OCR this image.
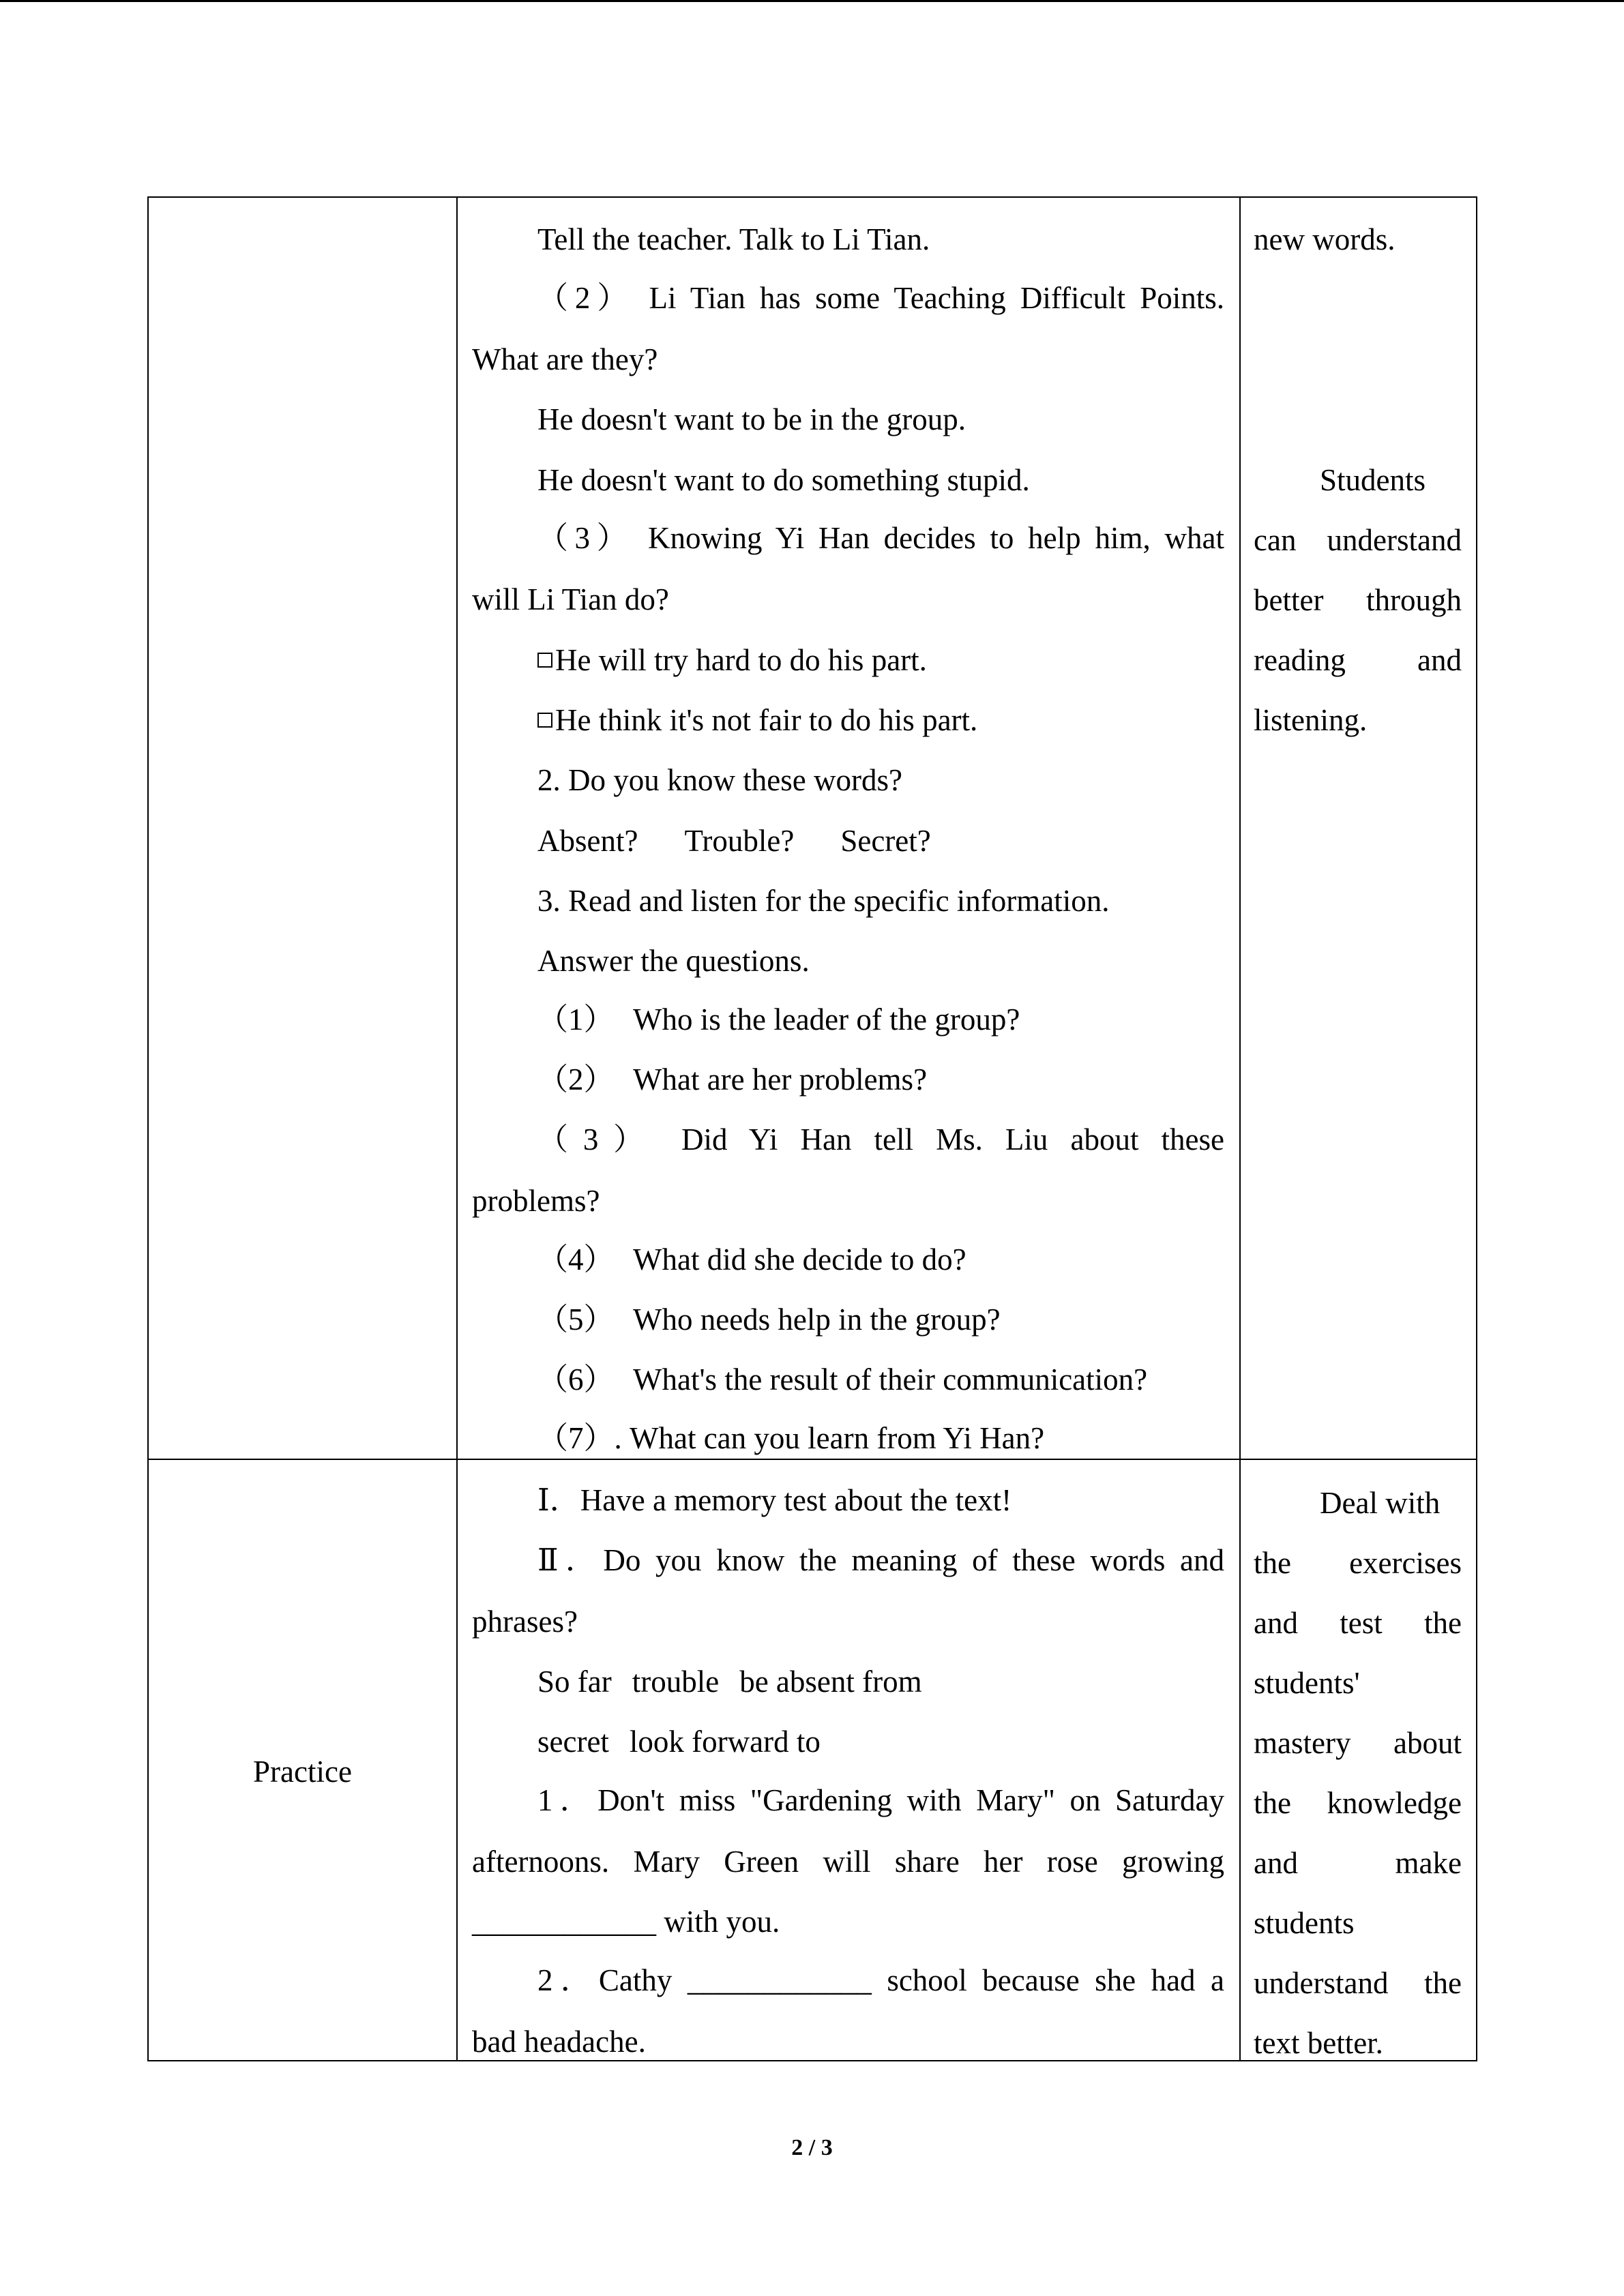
Tell the teacher. Talk to Li Tian.
（2） Li Tian has some Teaching Difficult Points.
What are they?
He doesn't want to be in the group.
He doesn't want to do something stupid.
（3） Knowing Yi Han decides to help him, what
will Li Tian do?
He will try hard to do his part.
He think it's not fair to do his part.
2. Do you know these words?
Absent? Trouble? Secret?
3. Read and listen for the specific information.
Answer the questions.
（1） Who is the leader of the group?
（2） What are her problems?
（3） Did Yi Han tell Ms. Liu about these
problems?
（4） What did she decide to do?
（5） Who needs help in the group?
（6） What's the result of their communication?
（7）. What can you learn from Yi Han?
new words.
Students
can understand
better through
reading and
listening.
Practice
Ⅰ．Have a memory test about the text!
Ⅱ．Do you know the meaning of these words and
phrases?
So far trouble be absent from
secret look forward to
1．Don't miss "Gardening with Mary" on Saturday
afternoons. Mary Green will share her rose growing
____________ with you.
2．Cathy ____________ school because she had a
bad headache.
Deal with
the exercises
and test the
students'
mastery about
the knowledge
and make
students
understand the
text better.
2 / 3
